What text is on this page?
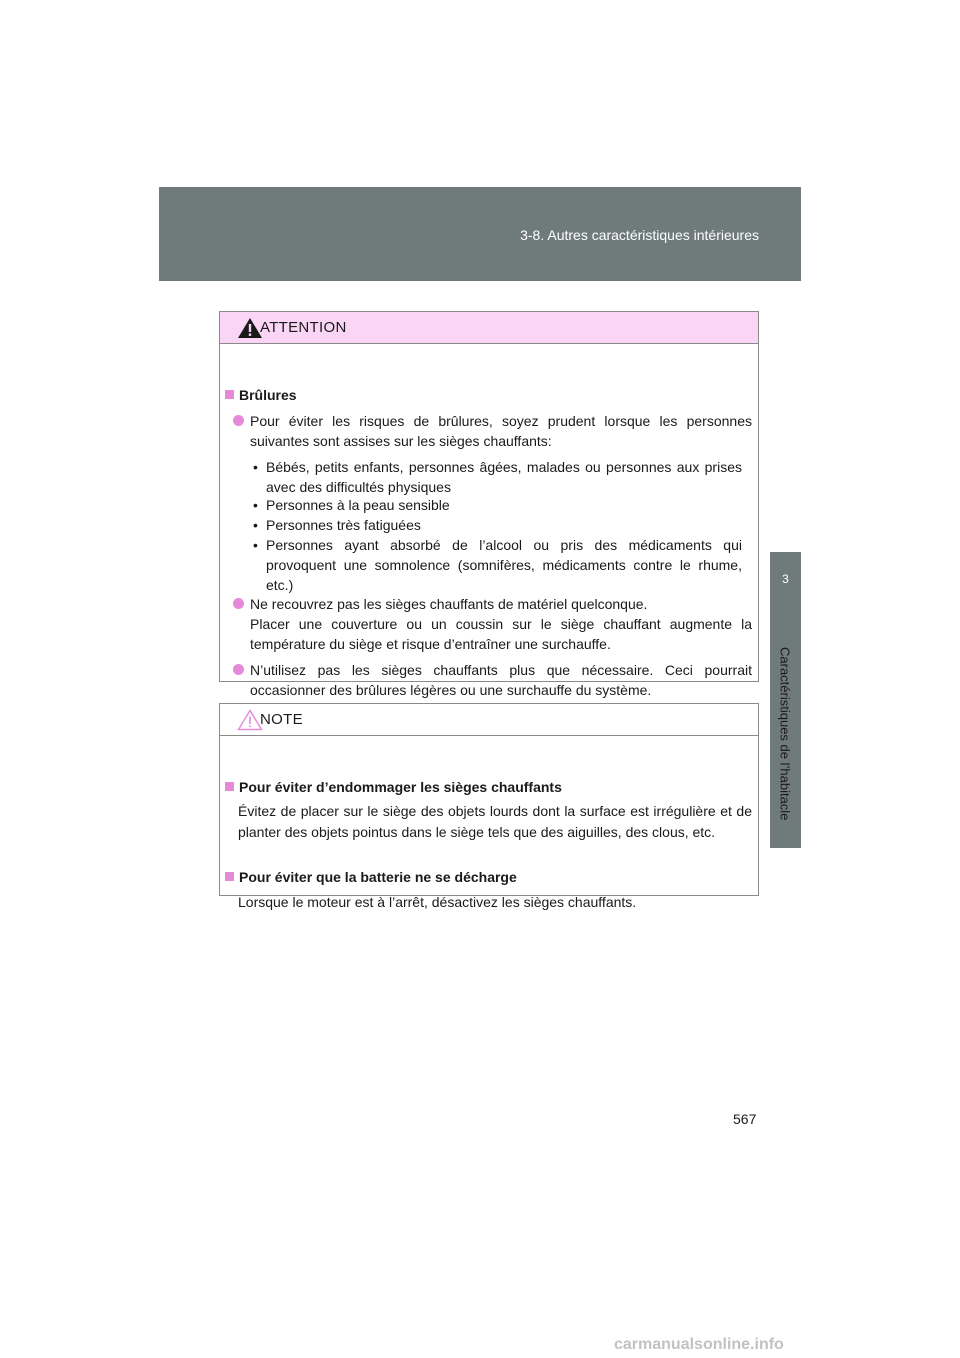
3-8. Autres caractéristiques intérieures
3
Caractéristiques de l’habitacle
ATTENTION
Brûlures
Pour éviter les risques de brûlures, soyez prudent lorsque les personnes suivantes sont assises sur les sièges chauffants:
• Bébés, petits enfants, personnes âgées, malades ou personnes aux prises avec des difficultés physiques
• Personnes à la peau sensible
• Personnes très fatiguées
• Personnes ayant absorbé de l’alcool ou pris des médicaments qui provoquent une somnolence (somnifères, médicaments contre le rhume, etc.)
Ne recouvrez pas les sièges chauffants de matériel quelconque.
Placer une couverture ou un coussin sur le siège chauffant augmente la température du siège et risque d’entraîner une surchauffe.
N’utilisez pas les sièges chauffants plus que nécessaire. Ceci pourrait occasionner des brûlures légères ou une surchauffe du système.
NOTE
Pour éviter d’endommager les sièges chauffants
Évitez de placer sur le siège des objets lourds dont la surface est irrégulière et de planter des objets pointus dans le siège tels que des aiguilles, des clous, etc.
Pour éviter que la batterie ne se décharge
Lorsque le moteur est à l’arrêt, désactivez les sièges chauffants.
567
carmanualsonline.info
